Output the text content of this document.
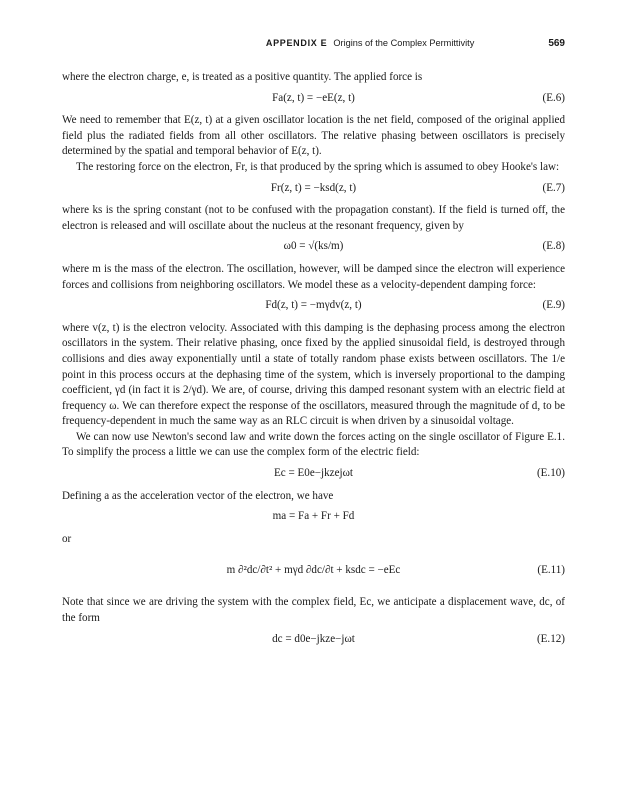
APPENDIX E Origins of the Complex Permittivity	569

where the electron charge, e, is treated as a positive quantity. The applied force is

Fa(z, t) = −eE(z, t)	(E.6)

We need to remember that E(z, t) at a given oscillator location is the net field, composed of the original applied field plus the radiated fields from all other oscillators. The relative phasing between oscillators is precisely determined by the spatial and temporal behavior of E(z, t).

The restoring force on the electron, Fr, is that produced by the spring which is assumed to obey Hooke's law:

Fr(z, t) = −ksd(z, t)	(E.7)

where ks is the spring constant (not to be confused with the propagation constant). If the field is turned off, the electron is released and will oscillate about the nucleus at the resonant frequency, given by

ω0 = √(ks/m)	(E.8)

where m is the mass of the electron. The oscillation, however, will be damped since the electron will experience forces and collisions from neighboring oscillators. We model these as a velocity-dependent damping force:

Fd(z, t) = −mγdv(z, t)	(E.9)

where v(z, t) is the electron velocity. Associated with this damping is the dephasing process among the electron oscillators in the system. Their relative phasing, once fixed by the applied sinusoidal field, is destroyed through collisions and dies away exponentially until a state of totally random phase exists between oscillators. The 1/e point in this process occurs at the dephasing time of the system, which is inversely proportional to the damping coefficient, γd (in fact it is 2/γd). We are, of course, driving this damped resonant system with an electric field at frequency ω. We can therefore expect the response of the oscillators, measured through the magnitude of d, to be frequency-dependent in much the same way as an RLC circuit is when driven by a sinusoidal voltage.

We can now use Newton's second law and write down the forces acting on the single oscillator of Figure E.1. To simplify the process a little we can use the complex form of the electric field:

Ec = E0e−jkzejωt	(E.10)

Defining a as the acceleration vector of the electron, we have

ma = Fa + Fr + Fd

or

m ∂²dc/∂t² + mγd ∂dc/∂t + ksdc = −eEc	(E.11)

Note that since we are driving the system with the complex field, Ec, we anticipate a displacement wave, dc, of the form

dc = d0e−jkze−jωt	(E.12)
